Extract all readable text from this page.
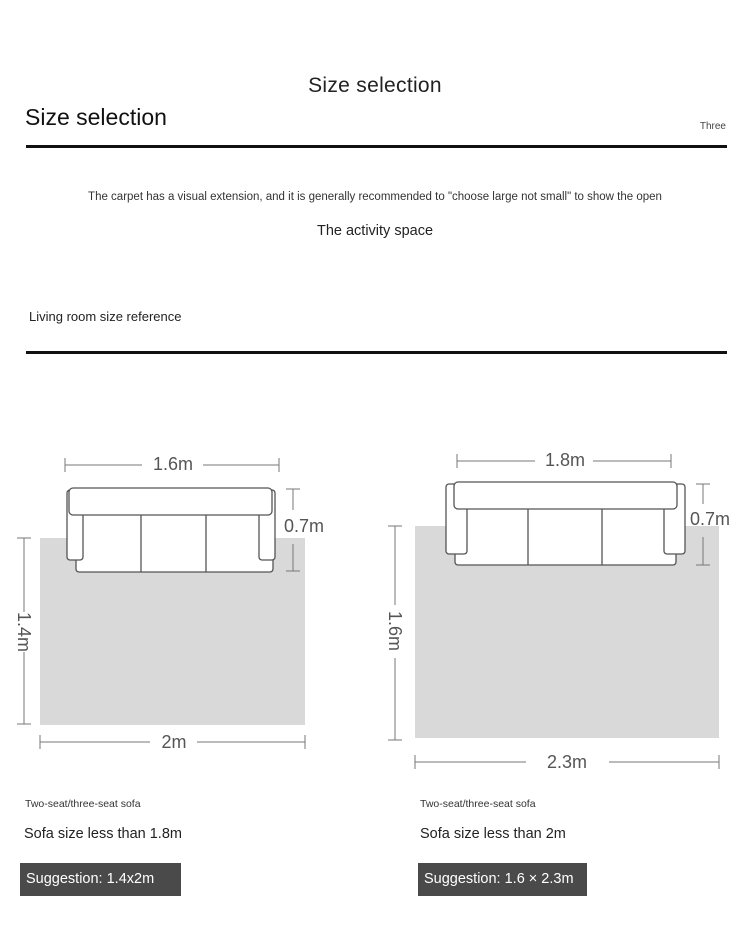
Size selection
Size selection	Three
The carpet has a visual extension, and it is generally recommended to "choose large not small" to show the open
The activity space
Living room size reference
1.6m
0.7m
1.4m
2m
1.8m
0.7m
1.6m
2.3m
Two-seat/three-seat sofa
Sofa size less than 1.8m
Suggestion: 1.4x2m
Two-seat/three-seat sofa
Sofa size less than 2m
Suggestion: 1.6 × 2.3m
